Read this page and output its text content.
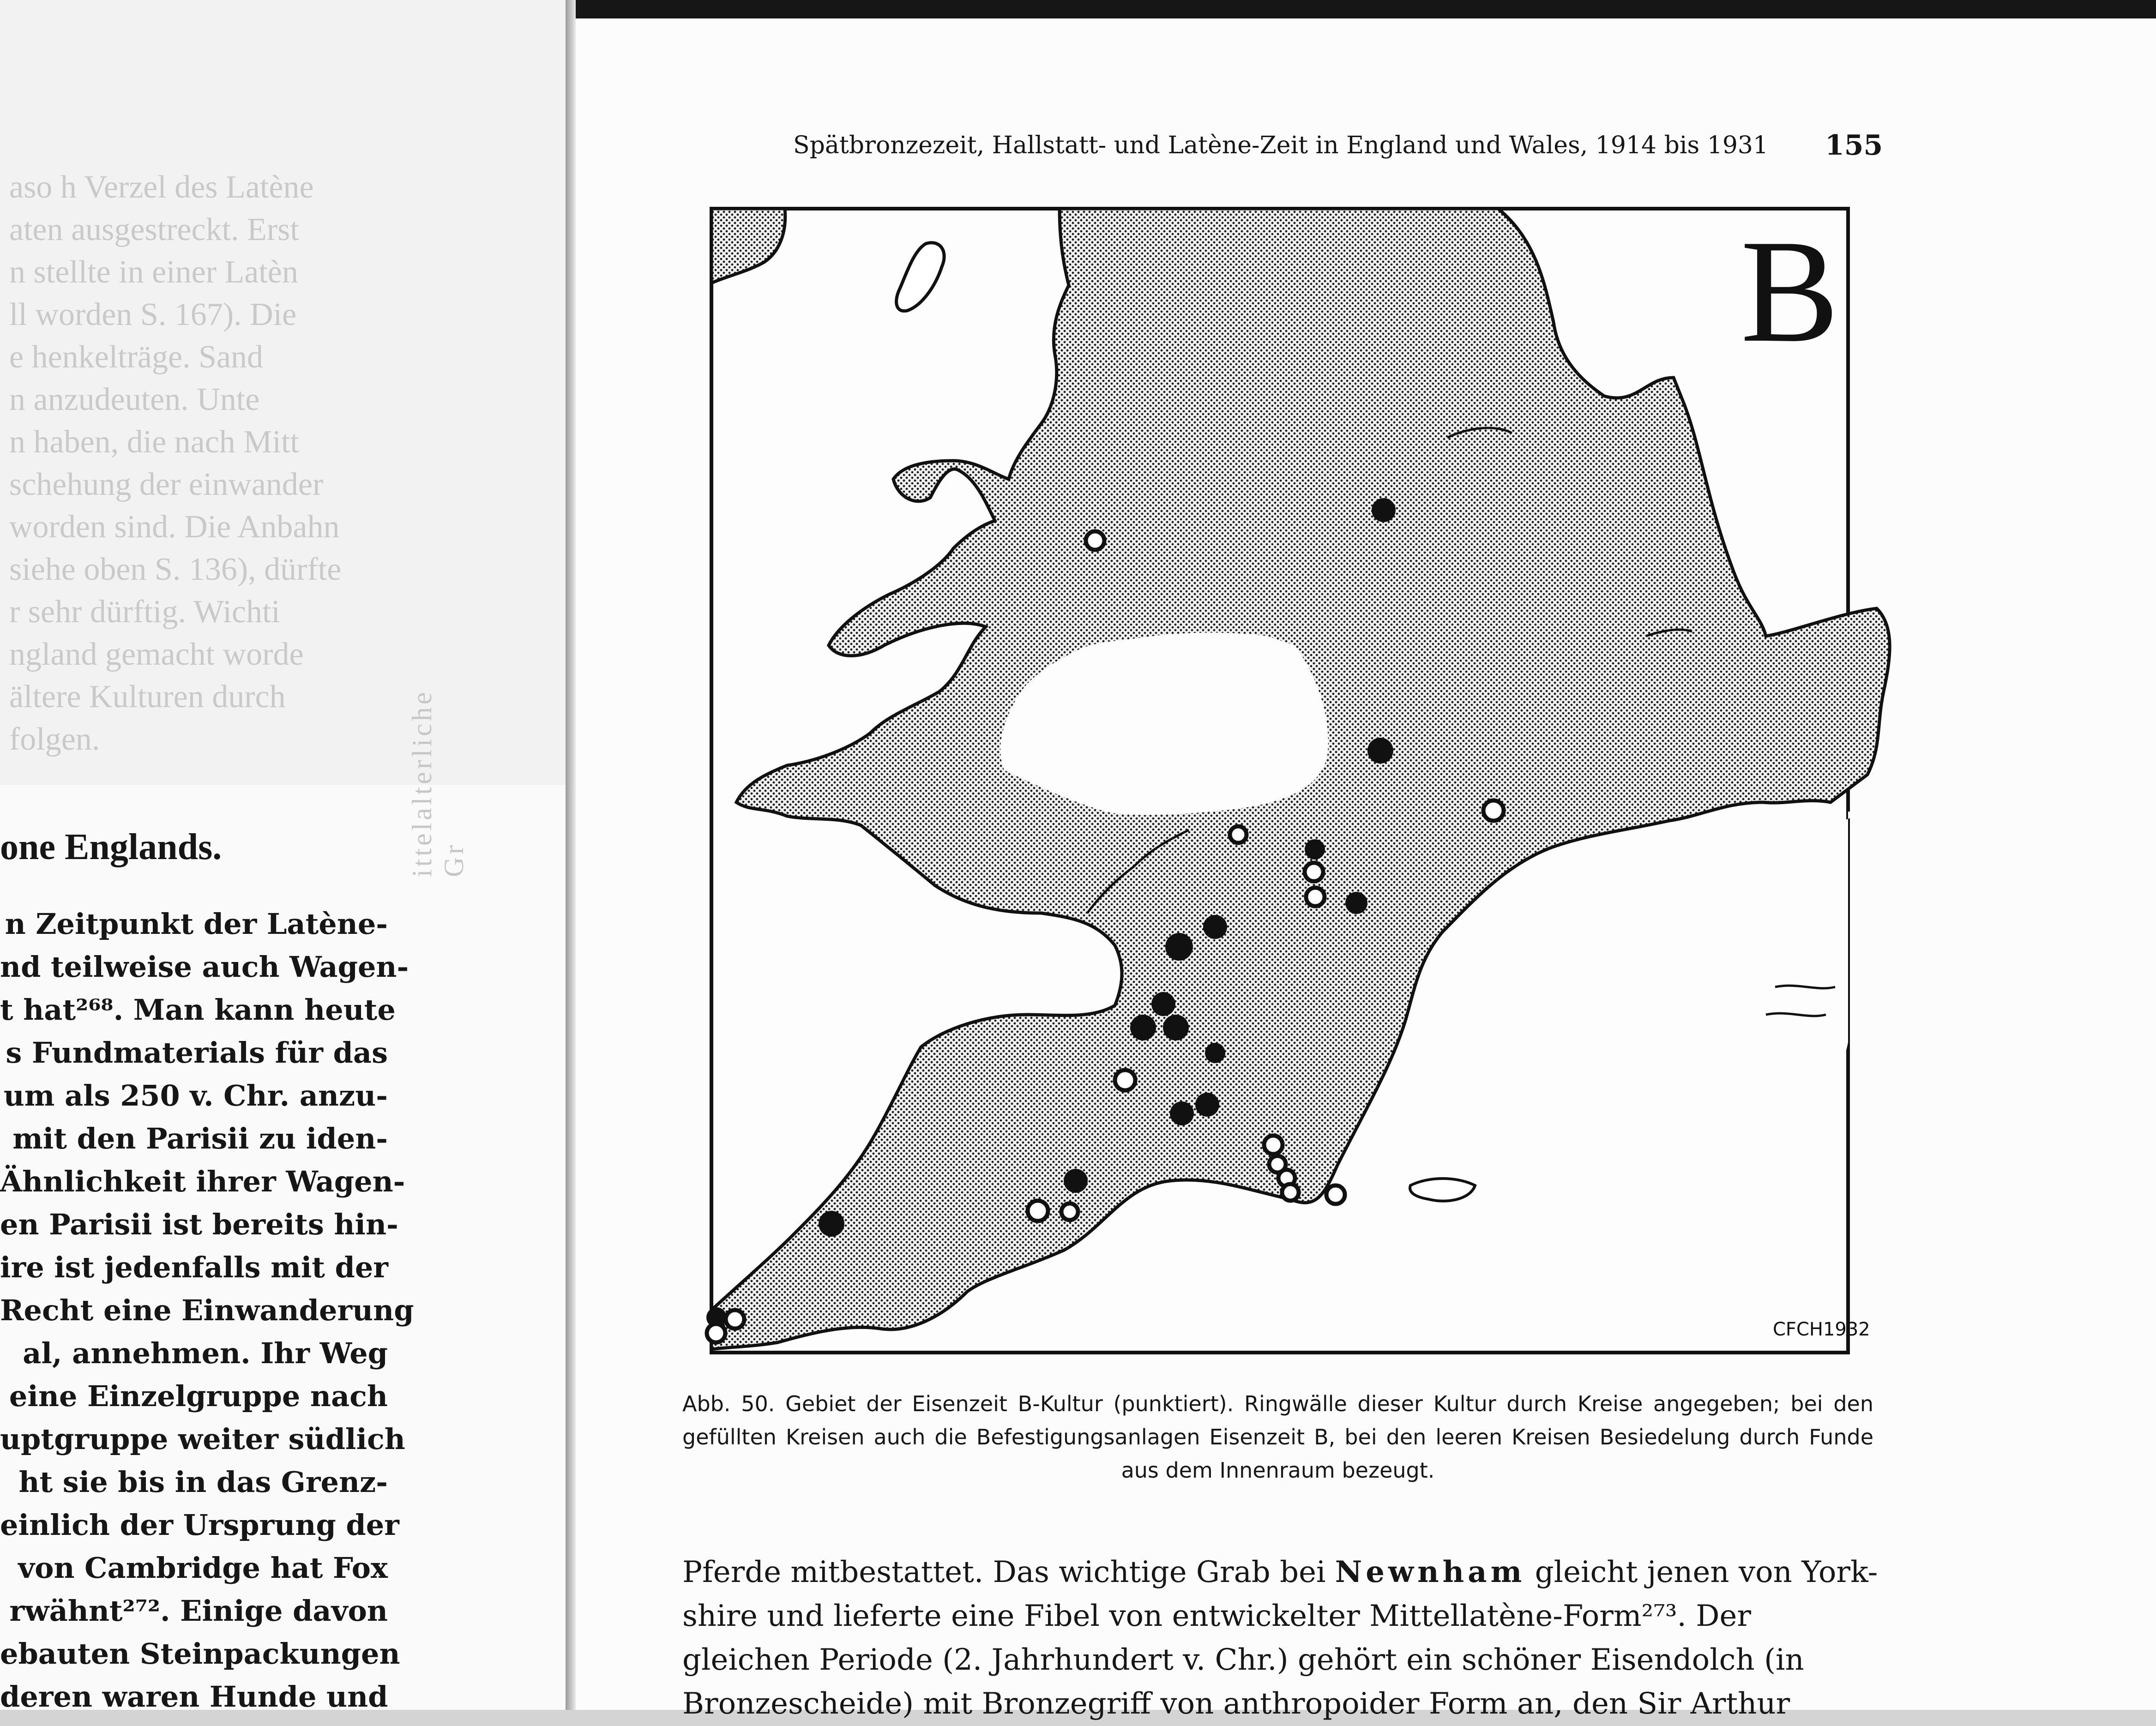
aso h Verzel des Latène
aten ausgestreckt. Erst
n stellte in einer Latèn
ll worden S. 167). Die
e henkelträge. Sand
n anzudeuten. Unte
n haben, die nach Mitt
schehung der einwander
worden sind. Die Anbahn
siehe oben S. 136), dürfte
r sehr dürftig. Wichti
ngland gemacht worde
ältere Kulturen durch
folgen.	ittelalterliche Gr
one Englands.
n Zeitpunkt der Latène-
nd teilweise auch Wagen-
t hat²⁶⁸. Man kann heute
s Fundmaterials für das
um als 250 v. Chr. anzu-
mit den Parisii zu iden-
Ähnlichkeit ihrer Wagen-
en Parisii ist bereits hin-
ire ist jedenfalls mit der
Recht eine Einwanderung
al, annehmen. Ihr Weg
eine Einzelgruppe nach
uptgruppe weiter südlich
ht sie bis in das Grenz-
einlich der Ursprung der
von Cambridge hat Fox
rwähnt²⁷². Einige davon
ebauten Steinpackungen
deren waren Hunde und
Spätbronzezeit, Hallstatt- und Latène-Zeit in England und Wales, 1914 bis 1931 155
B
CFCH1932

Abb. 50. Gebiet der Eisenzeit B-Kultur (punktiert). Ringwälle dieser Kultur durch Kreise angegeben; bei den gefüllten Kreisen auch die Befestigungsanlagen Eisenzeit B, bei den leeren Kreisen Besiedelung durch Funde aus dem Innenraum bezeugt.

Pferde mitbestattet. Das wichtige Grab bei Newnham gleicht jenen von York-
shire und lieferte eine Fibel von entwickelter Mittellatène-Form²⁷³. Der
gleichen Periode (2. Jahrhundert v. Chr.) gehört ein schöner Eisendolch (in
Bronzescheide) mit Bronzegriff von anthropoider Form an, den Sir Arthur
